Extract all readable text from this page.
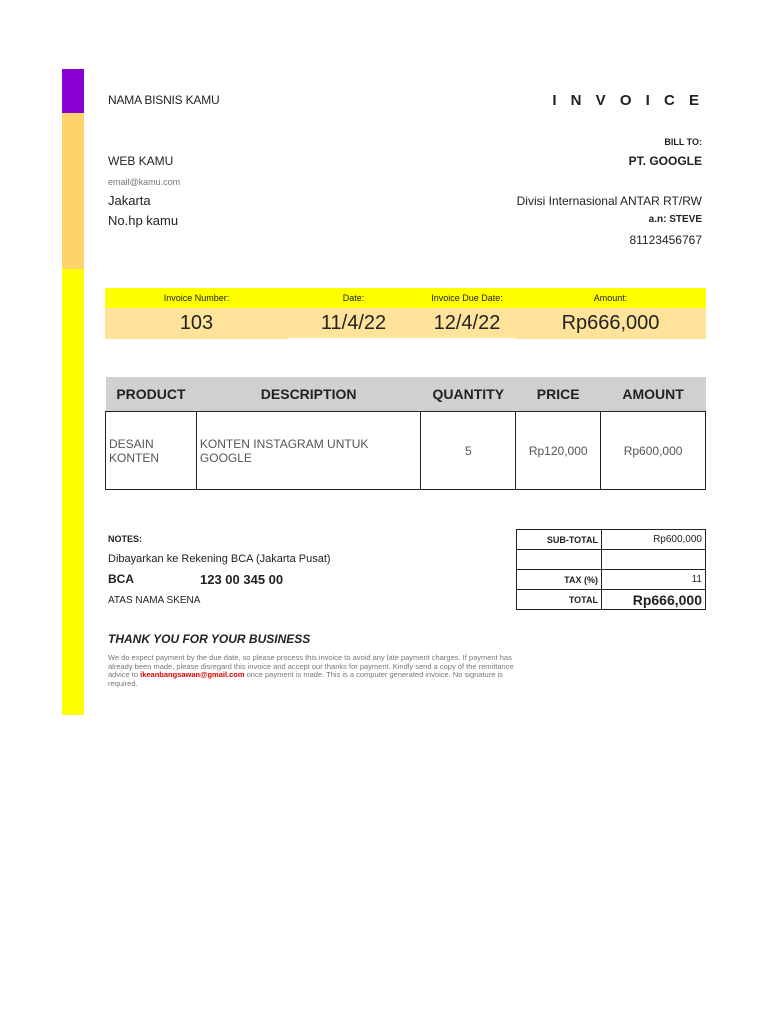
NAMA BISNIS KAMU	I N V O I C E
BILL TO:
WEB KAMU	PT. GOOGLE
email@kamu.com
Jakarta	Divisi Internasional ANTAR RT/RW
No.hp kamu	a.n: STEVE
81123456767
Invoice Number:	Date:	Invoice Due Date:	Amount:
103	11/4/22	12/4/22	Rp666,000
PRODUCT	DESCRIPTION	QUANTITY	PRICE	AMOUNT
DESAIN KONTEN	KONTEN INSTAGRAM UNTUK GOOGLE	5	Rp120,000	Rp600,000
NOTES:
Dibayarkan ke Rekening BCA (Jakarta Pusat)
BCA	123 00 345 00
ATAS NAMA SKENA
SUB-TOTAL	Rp600,000

TAX (%)	11
TOTAL	Rp666,000
THANK YOU FOR YOUR BUSINESS
We do expect payment by the due date, so please process this invoice to avoid any late payment charges. If payment has already been made, please disregard this invoice and accept our thanks for payment. Kindly send a copy of the remittance advice to ikeanbangsawan@gmail.com once payment is made. This is a computer generated invoice. No signature is required.
